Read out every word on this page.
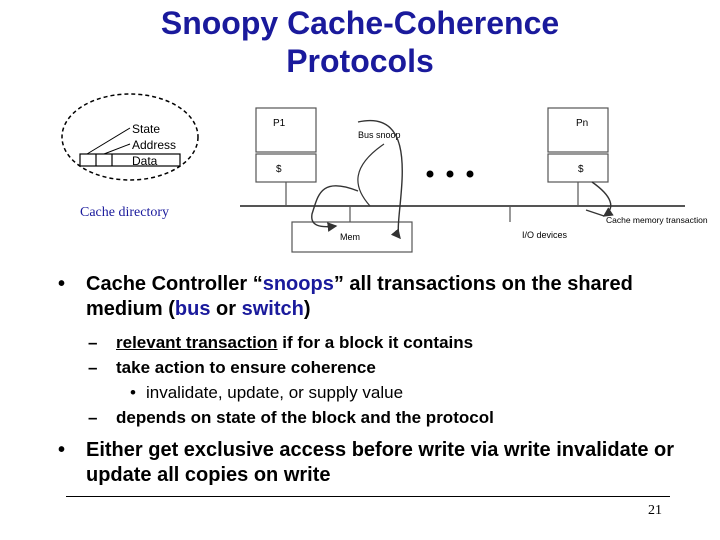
Snoopy Cache-Coherence
Protocols
State
Address
Data
Cache directory
P1
$
Pn
$
Bus snoop
Mem	I/O devices
Cache memory transaction
• Cache Controller “snoops” all transactions on the shared medium (bus or switch)
– relevant transaction if for a block it contains
– take action to ensure coherence
• invalidate, update, or supply value
– depends on state of the block and the protocol
• Either get exclusive access before write via write invalidate or update all copies on write
21
